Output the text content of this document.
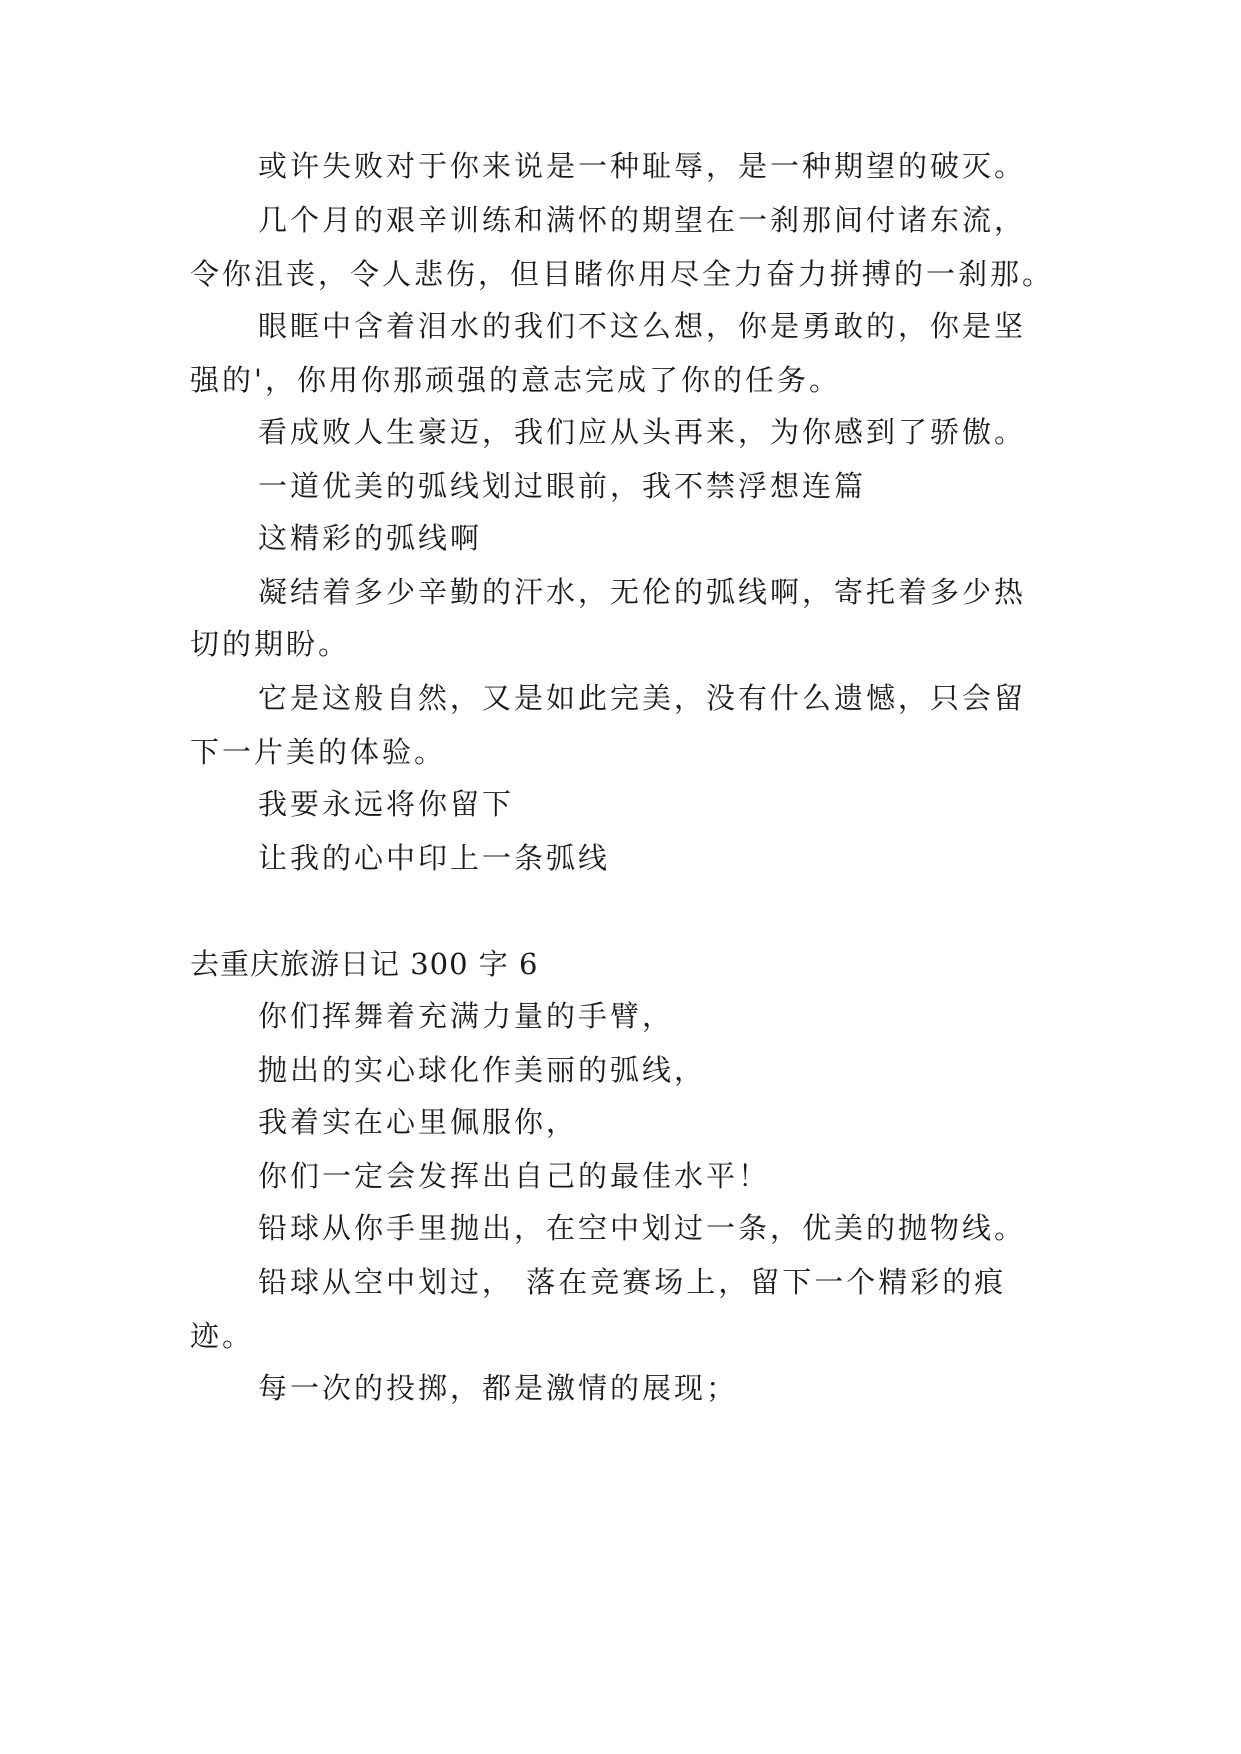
或许失败对于你来说是一种耻辱，是一种期望的破灭。
几个月的艰辛训练和满怀的期望在一刹那间付诸东流，
令你沮丧，令人悲伤，但目睹你用尽全力奋力拼搏的一刹那。
眼眶中含着泪水的我们不这么想，你是勇敢的，你是坚
强的'，你用你那顽强的意志完成了你的任务。
看成败人生豪迈，我们应从头再来，为你感到了骄傲。
一道优美的弧线划过眼前，我不禁浮想连篇
这精彩的弧线啊
凝结着多少辛勤的汗水，无伦的弧线啊，寄托着多少热
切的期盼。
它是这般自然，又是如此完美，没有什么遗憾，只会留
下一片美的体验。
我要永远将你留下
让我的心中印上一条弧线
去重庆旅游日记 300 字 6
你们挥舞着充满力量的手臂，
抛出的实心球化作美丽的弧线，
我着实在心里佩服你，
你们一定会发挥出自己的最佳水平！
铅球从你手里抛出，在空中划过一条，优美的抛物线。
铅球从空中划过， 落在竞赛场上，留下一个精彩的痕
迹。
每一次的投掷，都是激情的展现；
